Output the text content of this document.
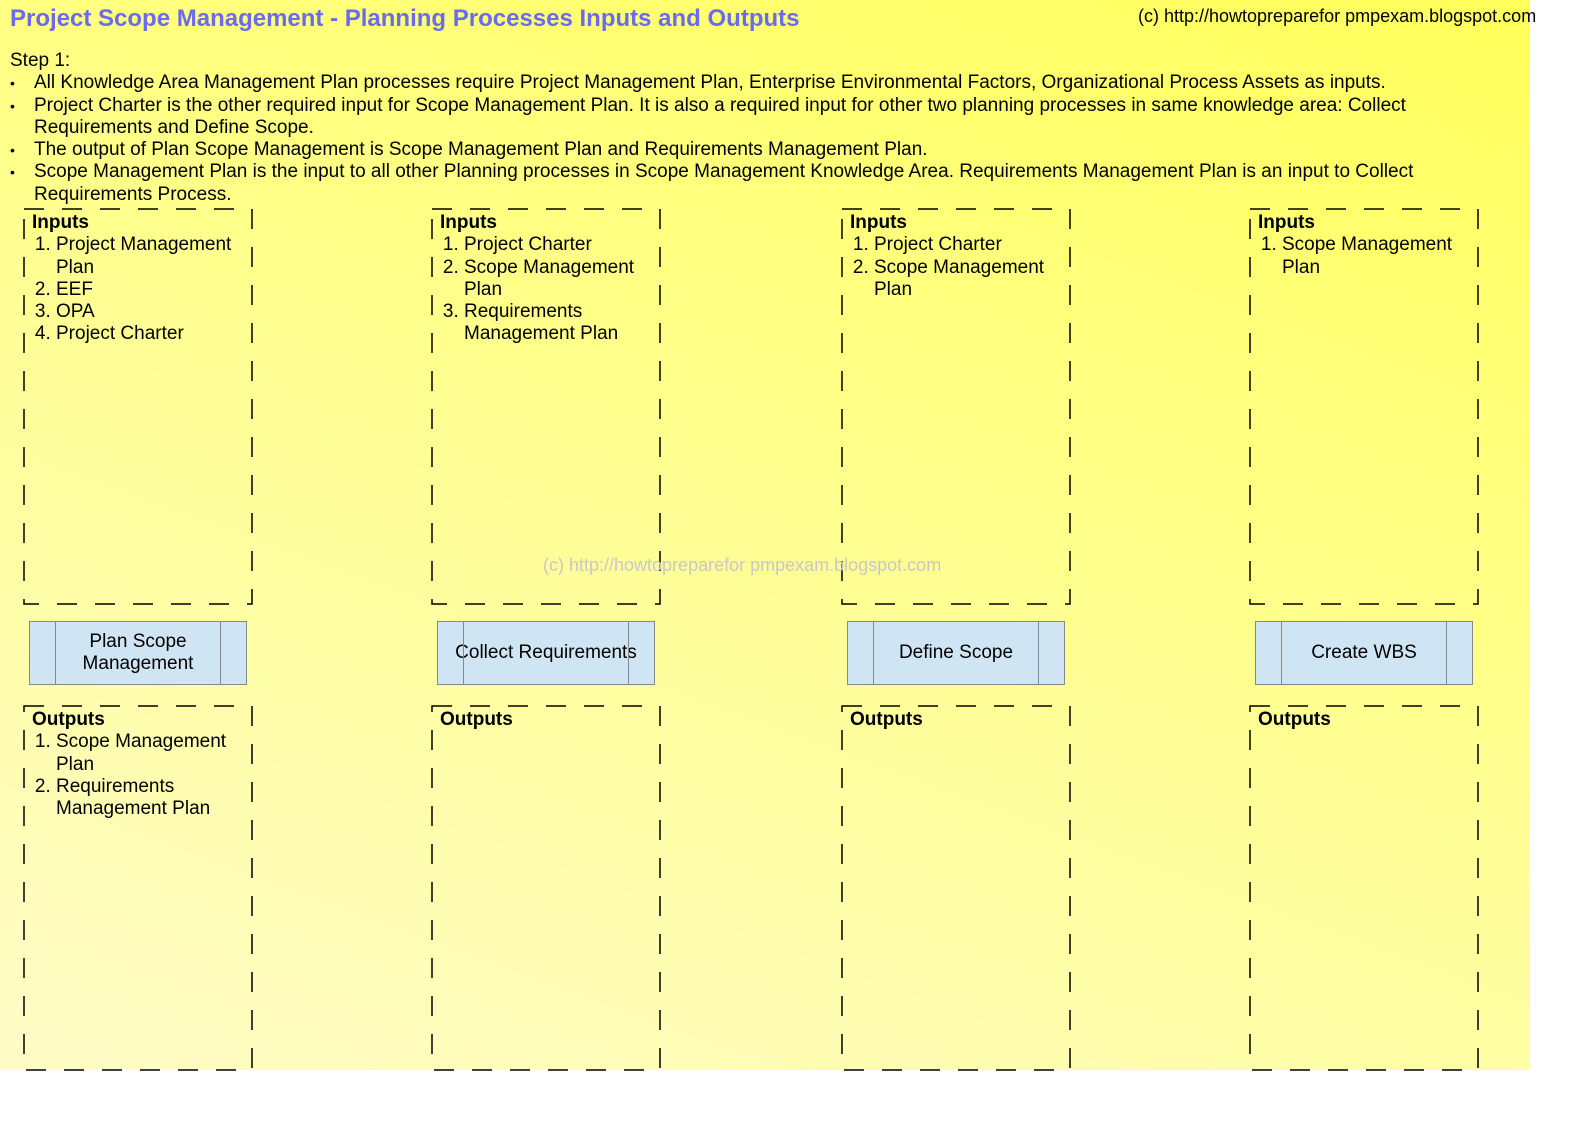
Project Scope Management - Planning Processes Inputs and Outputs	(c) http://howtopreparefor pmpexam.blogspot.com
Step 1:
• All Knowledge Area Management Plan processes require Project Management Plan, Enterprise Environmental Factors, Organizational Process Assets as inputs.
• Project Charter is the other required input for Scope Management Plan. It is also a required input for other two planning processes in same knowledge area: Collect Requirements and Define Scope.
• The output of Plan Scope Management is Scope Management Plan and Requirements Management Plan.
• Scope Management Plan is the input to all other Planning processes in Scope Management Knowledge Area. Requirements Management Plan is an input to Collect Requirements Process.
Inputs
1. Project Management Plan
2. EEF
3. OPA
4. Project Charter
Plan Scope Management
Outputs
1. Scope Management Plan
2. Requirements Management Plan
Inputs
1. Project Charter
2. Scope Management Plan
3. Requirements Management Plan
Collect Requirements
Outputs
Inputs
1. Project Charter
2. Scope Management Plan
Define Scope
Outputs
Inputs
1. Scope Management Plan
Create WBS
Outputs
(c) http://howtopreparefor pmpexam.blogspot.com
